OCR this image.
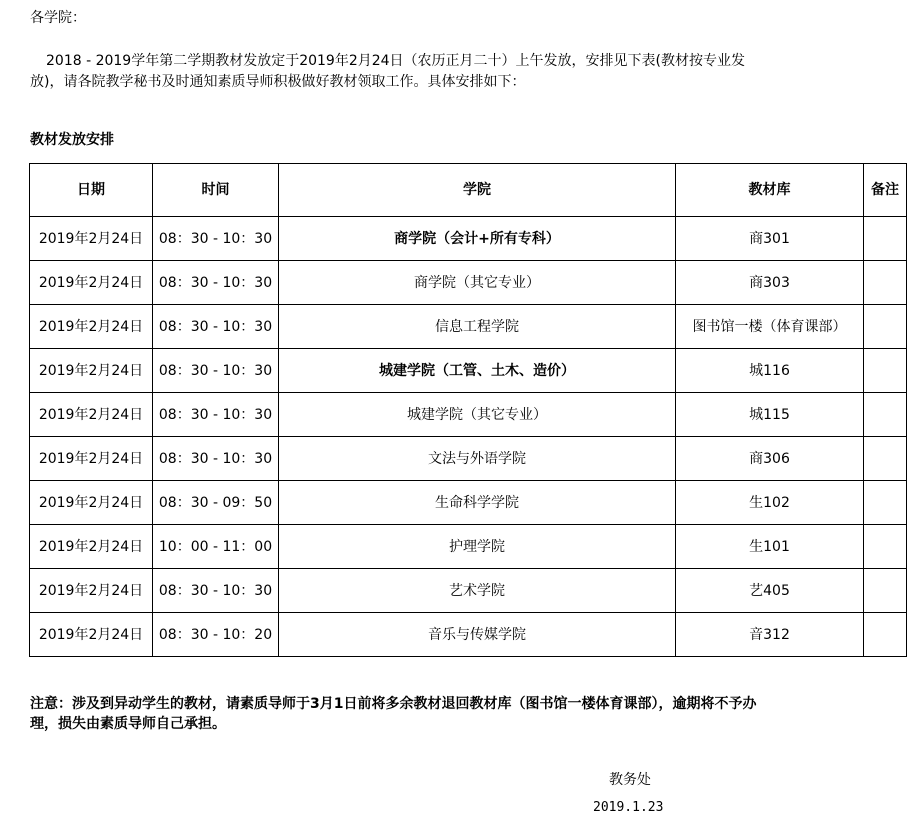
各学院：
2018 - 2019学年第二学期教材发放定于2019年2月24日（农历正月二十）上午发放，安排见下表(教材按专业发放)，请各院教学秘书及时通知素质导师积极做好教材领取工作。具体安排如下：
教材发放安排
日期	时间	学院	教材库	备注
2019年2月24日	08：30 - 10：30	商学院（会计+所有专科）	商301	
2019年2月24日	08：30 - 10：30	商学院（其它专业）	商303	
2019年2月24日	08：30 - 10：30	信息工程学院	图书馆一楼（体育课部）	
2019年2月24日	08：30 - 10：30	城建学院（工管、土木、造价）	城116	
2019年2月24日	08：30 - 10：30	城建学院（其它专业）	城115	
2019年2月24日	08：30 - 10：30	文法与外语学院	商306	
2019年2月24日	08：30 - 09：50	生命科学学院	生102	
2019年2月24日	10：00 - 11：00	护理学院	生101	
2019年2月24日	08：30 - 10：30	艺术学院	艺405	
2019年2月24日	08：30 - 10：20	音乐与传媒学院	音312	
注意：涉及到异动学生的教材，请素质导师于3月1日前将多余教材退回教材库（图书馆一楼体育课部），逾期将不予办理，损失由素质导师自己承担。
教务处
2019.1.23
